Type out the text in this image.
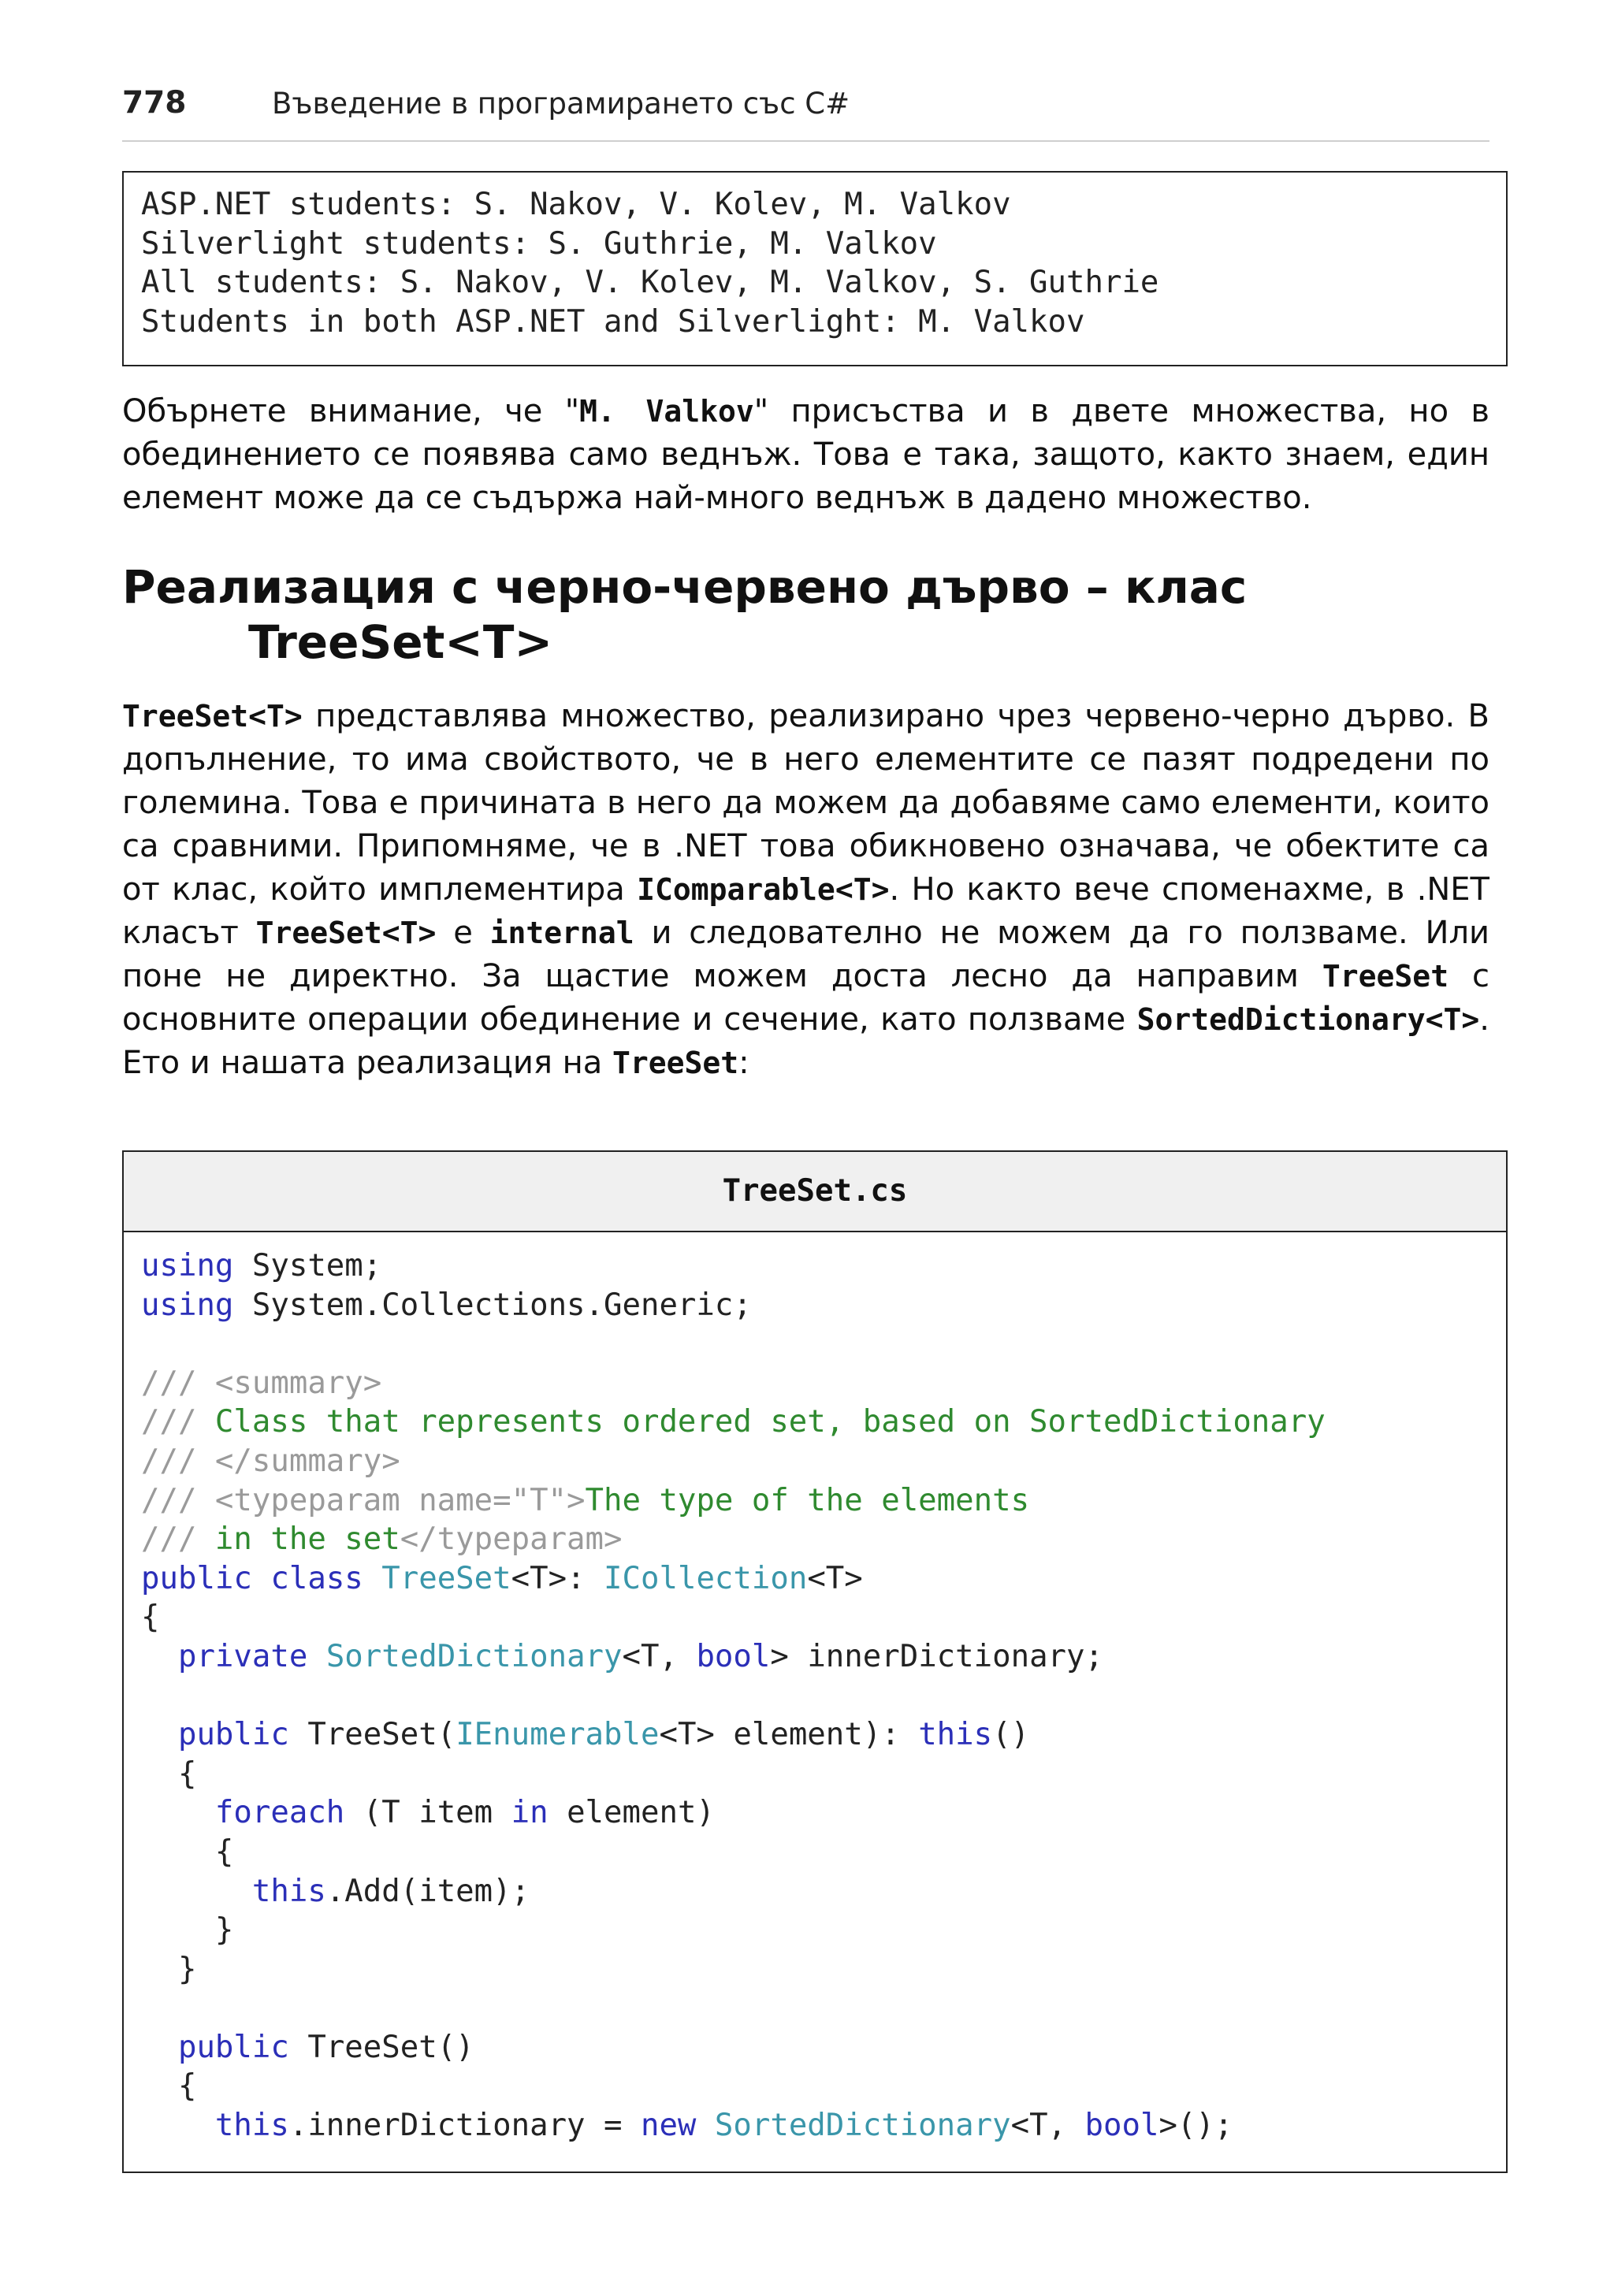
778	Въведение в програмирането със C#
ASP.NET students: S. Nakov, V. Kolev, M. Valkov
Silverlight students: S. Guthrie, M. Valkov
All students: S. Nakov, V. Kolev, M. Valkov, S. Guthrie
Students in both ASP.NET and Silverlight: M. Valkov
Обърнете внимание, че "M. Valkov" присъства и в двете множества, но в обединението се появява само веднъж. Това е така, защото, както знаем, един елемент може да се съдържа най-много веднъж в дадено множество.
Реализация с черно-червено дърво – клас
TreeSet<T>
TreeSet<T> представлява множество, реализирано чрез червено-черно дърво. В допълнение, то има свойството, че в него елементите се пазят подредени по големина. Това е причината в него да можем да добавяме само елементи, които са сравними. Припомняме, че в .NET това обикновено означава, че обектите са от клас, който имплементира IComparable<T>. Но както вече споменахме, в .NET класът TreeSet<T> е internal и следователно не можем да го ползваме. Или поне не директно. За щастие можем доста лесно да направим TreeSet с основните операции обединение и сечение, като ползваме SortedDictionary<T>. Ето и нашата реализация на TreeSet:
TreeSet.cs
using System;
using System.Collections.Generic;
/// <summary>
/// Class that represents ordered set, based on SortedDictionary
/// </summary>
/// <typeparam name="T">The type of the elements
/// in the set</typeparam>
public class TreeSet<T>: ICollection<T>
{
private SortedDictionary<T, bool> innerDictionary;
public TreeSet(IEnumerable<T> element): this()
{
foreach (T item in element)
{
this.Add(item);
}
}
public TreeSet()
{
this.innerDictionary = new SortedDictionary<T, bool>();
